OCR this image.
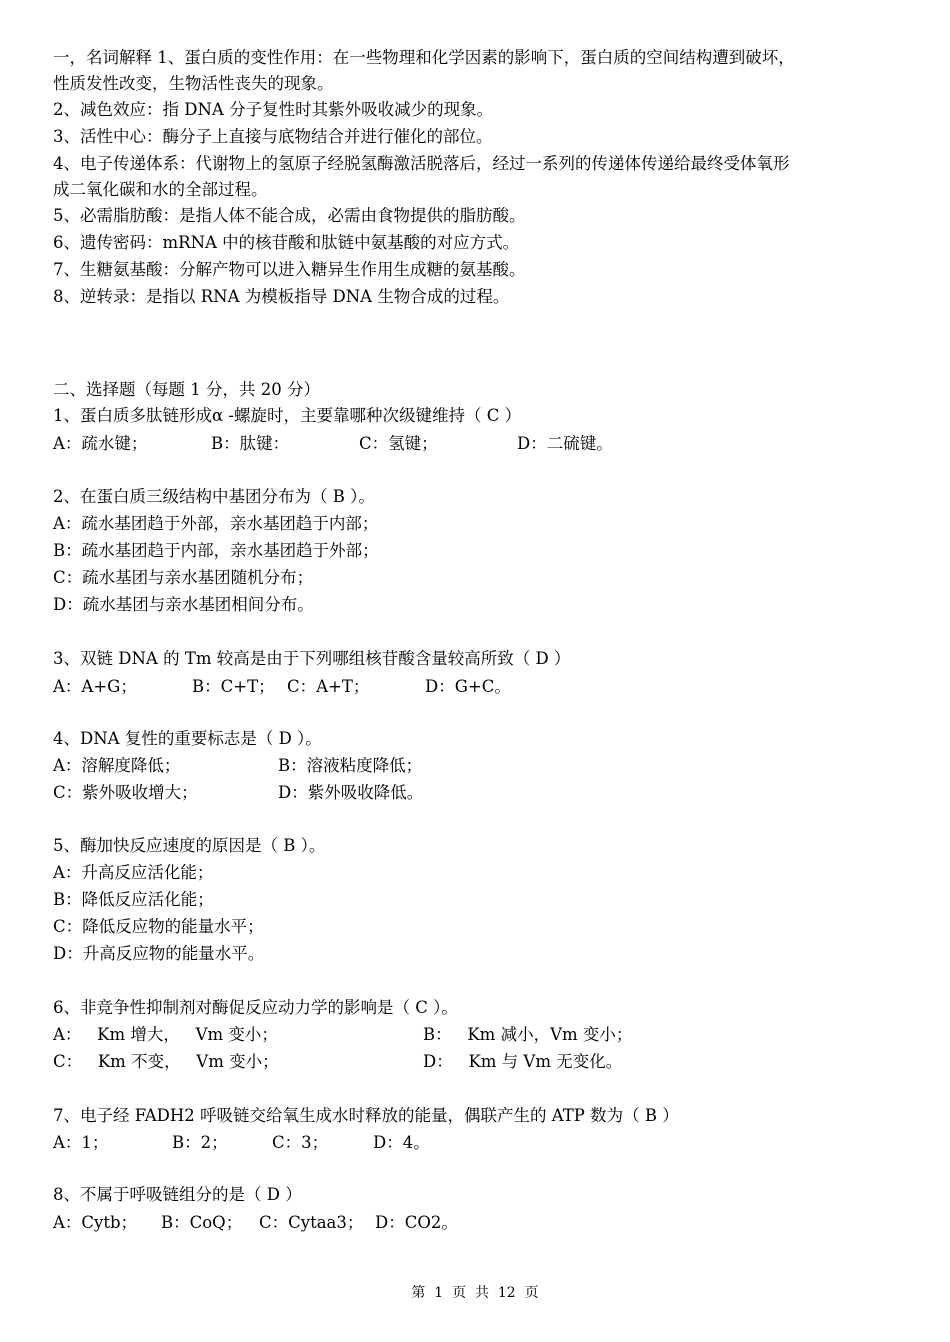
一，名词解释 1、蛋白质的变性作用：在一些物理和化学因素的影响下，蛋白质的空间结构遭到破坏，
性质发性改变，生物活性丧失的现象。
2、减色效应：指 DNA 分子复性时其紫外吸收减少的现象。
3、活性中心：酶分子上直接与底物结合并进行催化的部位。
4、电子传递体系：代谢物上的氢原子经脱氢酶激活脱落后，经过一系列的传递体传递给最终受体氧形
成二氧化碳和水的全部过程。
5、必需脂肪酸：是指人体不能合成，必需由食物提供的脂肪酸。
6、遗传密码：mRNA 中的核苷酸和肽链中氨基酸的对应方式。
7、生糖氨基酸：分解产物可以进入糖异生作用生成糖的氨基酸。
8、逆转录：是指以 RNA 为模板指导 DNA 生物合成的过程。
二、选择题（每题 1 分，共 20 分）
1、蛋白质多肽链形成α -螺旋时，主要靠哪种次级键维持（ C ）
A：疏水键；	B：肽键：	C：氢键；	D：二硫键。
2、在蛋白质三级结构中基团分布为（ B ）。
A：疏水基团趋于外部，亲水基团趋于内部；
B：疏水基团趋于内部，亲水基团趋于外部；
C：疏水基团与亲水基团随机分布；
D：疏水基团与亲水基团相间分布。
3、双链 DNA 的 Tm 较高是由于下列哪组核苷酸含量较高所致（ D ）
A：A+G；	B：C+T； C：A+T；	D：G+C。
4、DNA 复性的重要标志是（ D ）。
A：溶解度降低；	B：溶液粘度降低；
C：紫外吸收增大；	D：紫外吸收降低。
5、酶加快反应速度的原因是（ B ）。
A：升高反应活化能；
B：降低反应活化能；
C：降低反应物的能量水平；
D：升高反应物的能量水平。
6、非竞争性抑制剂对酶促反应动力学的影响是（ C ）。
A：   Km 增大，   Vm 变小；	B：   Km 减小，Vm 变小；
C：   Km 不变，   Vm 变小；	D：   Km 与 Vm 无变化。
7、电子经 FADH2 呼吸链交给氧生成水时释放的能量，偶联产生的 ATP 数为（ B ）
A：1；	B：2；	C：3；	D：4。
8、不属于呼吸链组分的是（ D ）
A：Cytb； B：CoQ； C：Cytaa3； D：CO2。
第  1  页  共  12  页
